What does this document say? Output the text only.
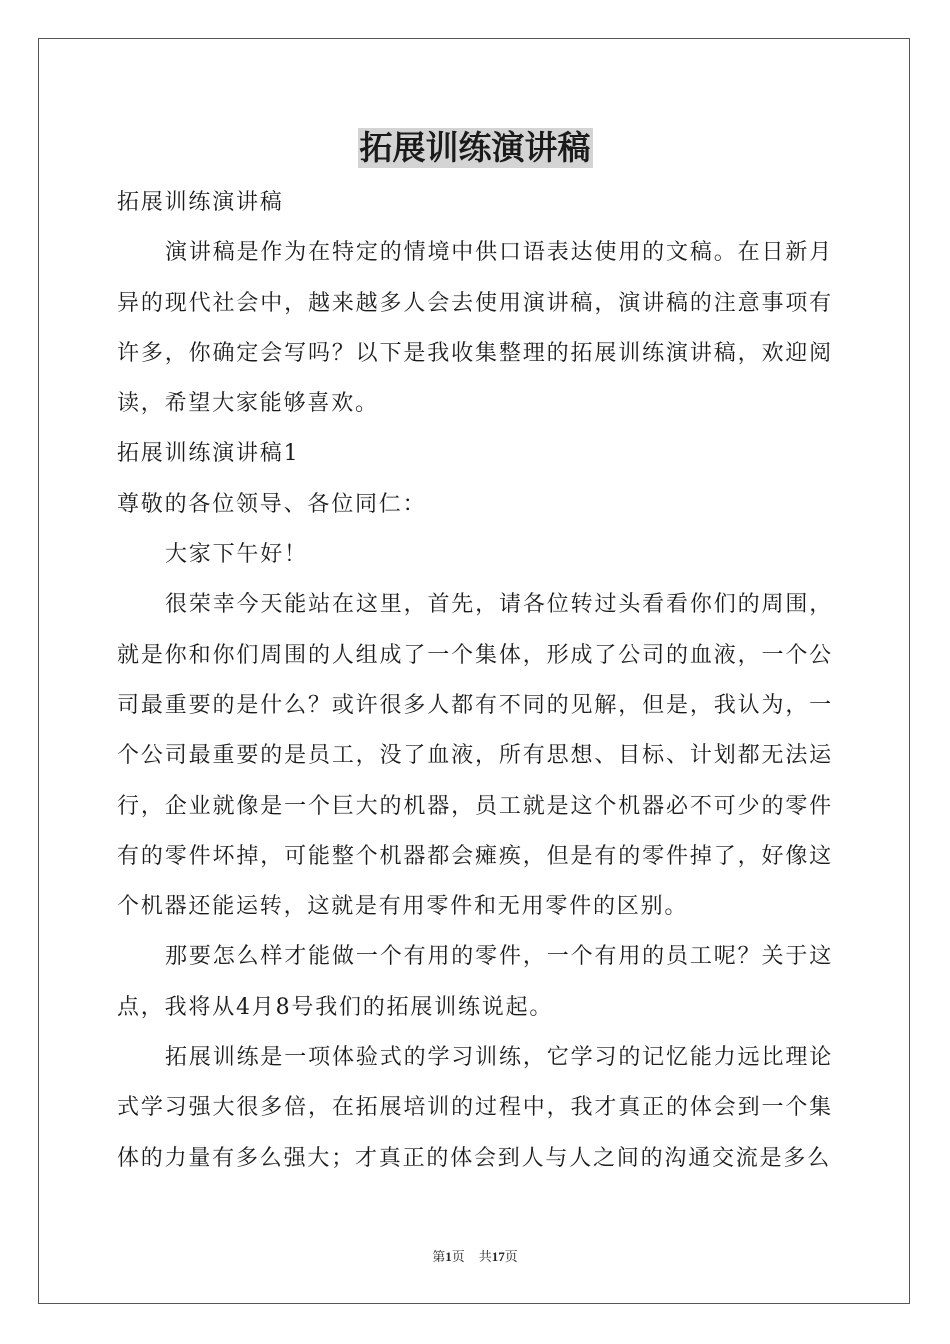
拓展训练演讲稿

拓展训练演讲稿

演讲稿是作为在特定的情境中供口语表达使用的文稿。在日新月异的现代社会中，越来越多人会去使用演讲稿，演讲稿的注意事项有许多，你确定会写吗？以下是我收集整理的拓展训练演讲稿，欢迎阅读，希望大家能够喜欢。

拓展训练演讲稿1

尊敬的各位领导、各位同仁：

大家下午好！

很荣幸今天能站在这里，首先，请各位转过头看看你们的周围，就是你和你们周围的人组成了一个集体，形成了公司的血液，一个公司最重要的是什么？或许很多人都有不同的见解，但是，我认为，一个公司最重要的是员工，没了血液，所有思想、目标、计划都无法运行，企业就像是一个巨大的机器，员工就是这个机器必不可少的零件有的零件坏掉，可能整个机器都会瘫痪，但是有的零件掉了，好像这个机器还能运转，这就是有用零件和无用零件的区别。

那要怎么样才能做一个有用的零件，一个有用的员工呢？关于这点，我将从4月8号我们的拓展训练说起。

拓展训练是一项体验式的学习训练，它学习的记忆能力远比理论式学习强大很多倍，在拓展培训的过程中，我才真正的体会到一个集体的力量有多么强大；才真正的体会到人与人之间的沟通交流是多么

第1页 共17页
